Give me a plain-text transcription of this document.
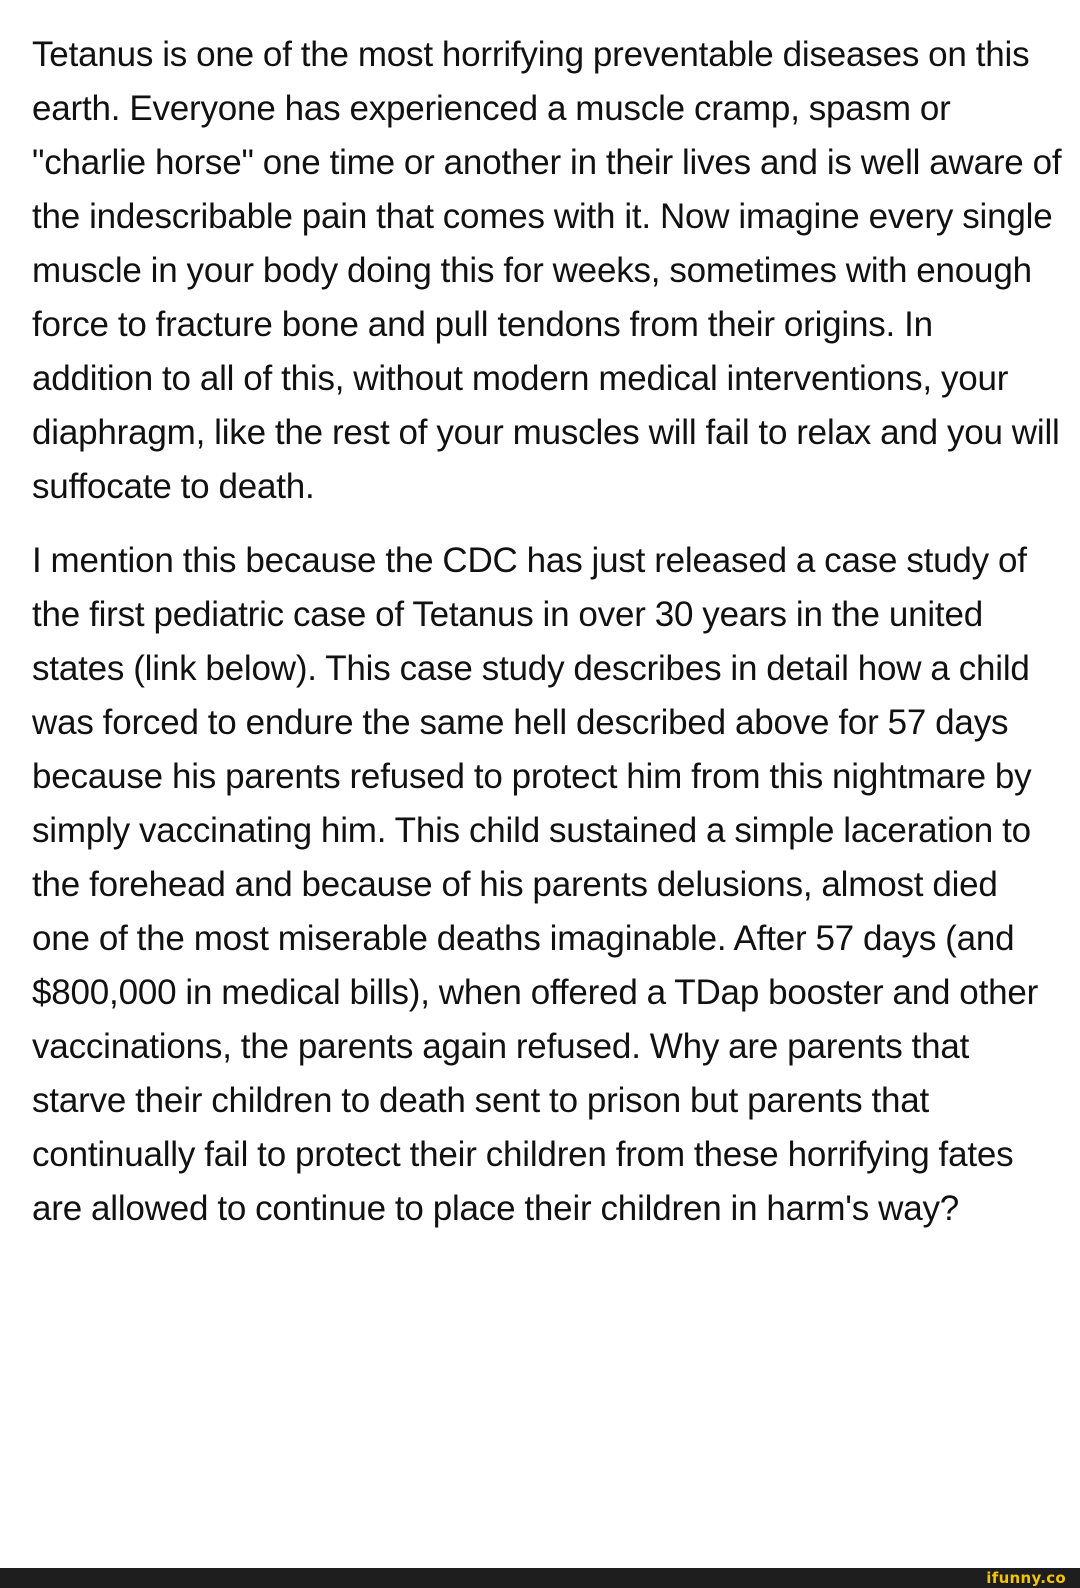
Tetanus is one of the most horrifying preventable diseases on this earth. Everyone has experienced a muscle cramp, spasm or "charlie horse" one time or another in their lives and is well aware of the indescribable pain that comes with it. Now imagine every single muscle in your body doing this for weeks, sometimes with enough force to fracture bone and pull tendons from their origins. In addition to all of this, without modern medical interventions, your diaphragm, like the rest of your muscles will fail to relax and you will suffocate to death.

I mention this because the CDC has just released a case study of the first pediatric case of Tetanus in over 30 years in the united states (link below). This case study describes in detail how a child was forced to endure the same hell described above for 57 days because his parents refused to protect him from this nightmare by simply vaccinating him. This child sustained a simple laceration to the forehead and because of his parents delusions, almost died one of the most miserable deaths imaginable. After 57 days (and $800,000 in medical bills), when offered a TDap booster and other vaccinations, the parents again refused. Why are parents that starve their children to death sent to prison but parents that continually fail to protect their children from these horrifying fates are allowed to continue to place their children in harm's way?

ifunny.co
